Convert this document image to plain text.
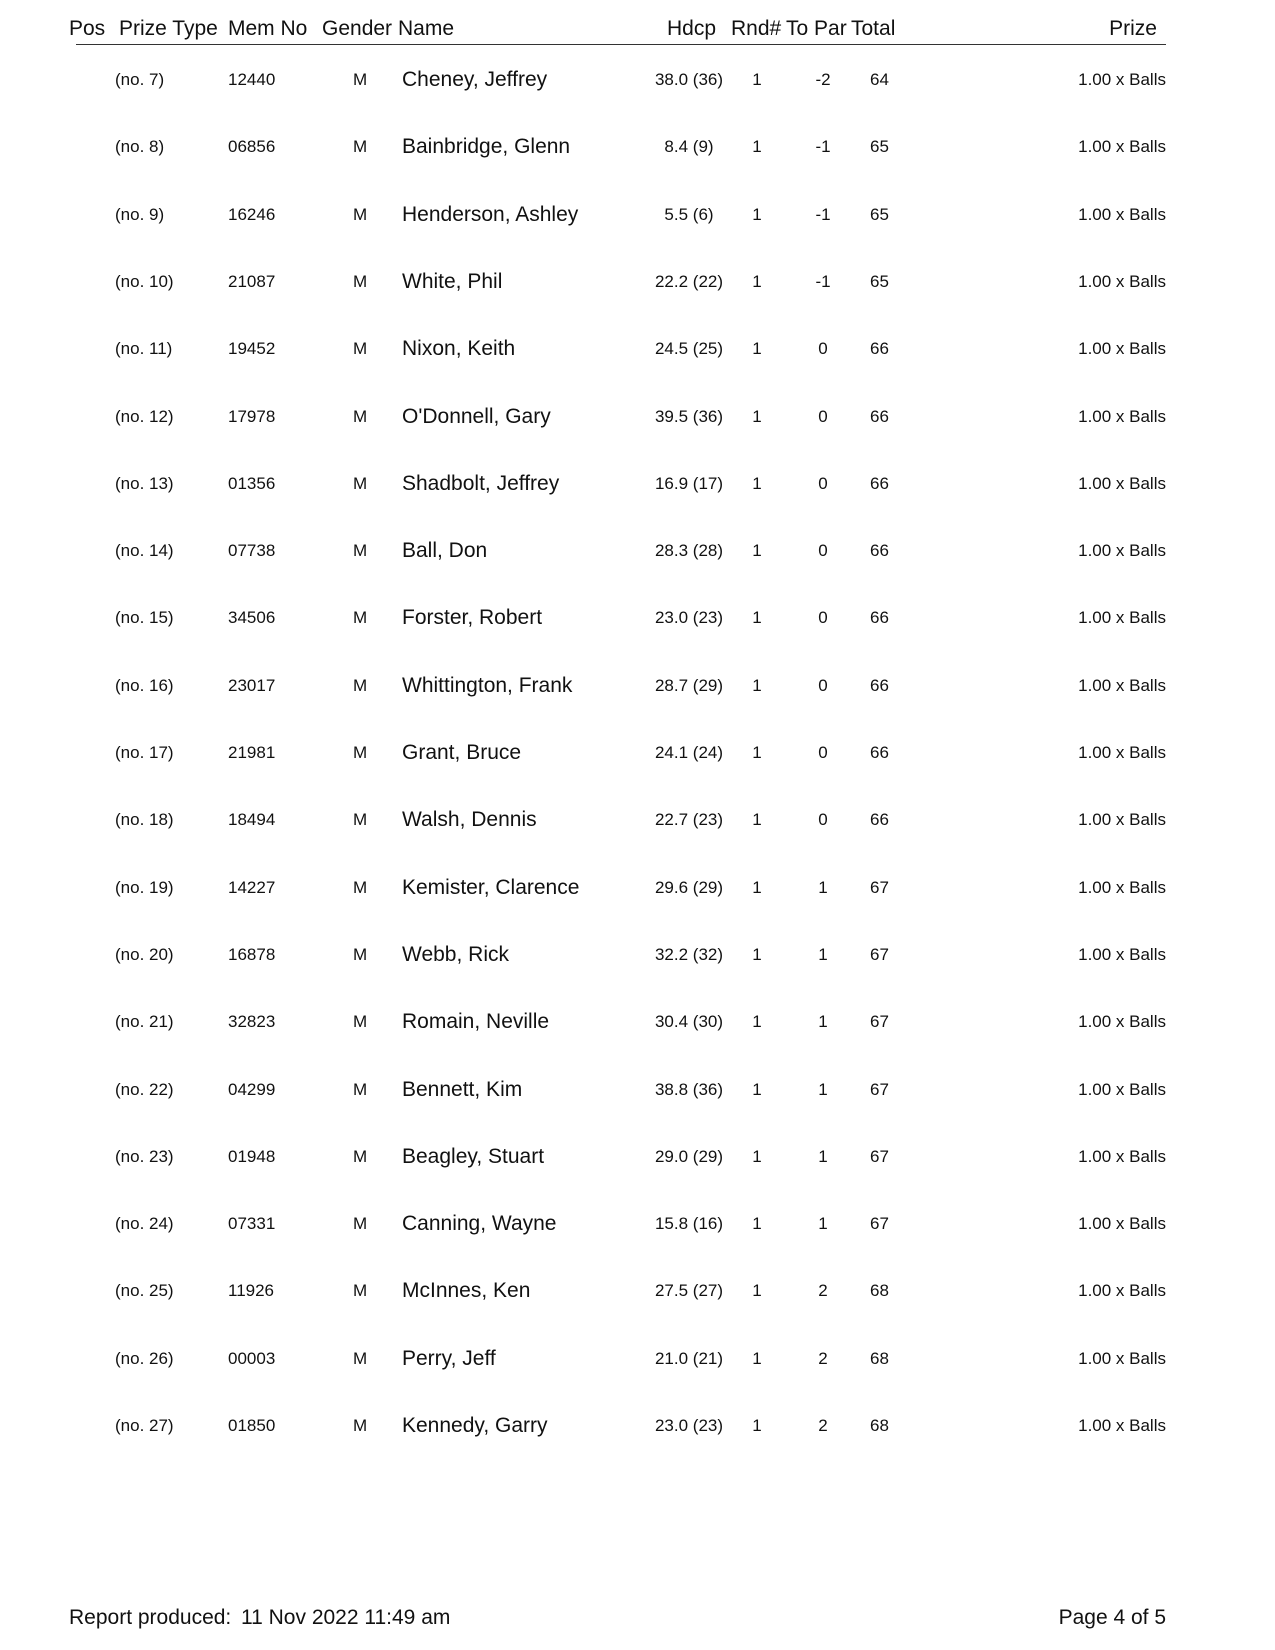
Pos Prize Type Mem No Gender Name	Hdcp Rnd# To Par Total	Prize
(no. 7)	12440	M Cheney, Jeffrey	38.0 (36)	1	-2	64	1.00 x Balls
(no. 8)	06856	M Bainbridge, Glenn	8.4 (9)	1	-1	65	1.00 x Balls
(no. 9)	16246	M Henderson, Ashley	5.5 (6)	1	-1	65	1.00 x Balls
(no. 10)	21087	M White, Phil	22.2 (22)	1	-1	65	1.00 x Balls
(no. 11)	19452	M Nixon, Keith	24.5 (25)	1	0	66	1.00 x Balls
(no. 12)	17978	M O'Donnell, Gary	39.5 (36)	1	0	66	1.00 x Balls
(no. 13)	01356	M Shadbolt, Jeffrey	16.9 (17)	1	0	66	1.00 x Balls
(no. 14)	07738	M Ball, Don	28.3 (28)	1	0	66	1.00 x Balls
(no. 15)	34506	M Forster, Robert	23.0 (23)	1	0	66	1.00 x Balls
(no. 16)	23017	M Whittington, Frank	28.7 (29)	1	0	66	1.00 x Balls
(no. 17)	21981	M Grant, Bruce	24.1 (24)	1	0	66	1.00 x Balls
(no. 18)	18494	M Walsh, Dennis	22.7 (23)	1	0	66	1.00 x Balls
(no. 19)	14227	M Kemister, Clarence	29.6 (29)	1	1	67	1.00 x Balls
(no. 20)	16878	M Webb, Rick	32.2 (32)	1	1	67	1.00 x Balls
(no. 21)	32823	M Romain, Neville	30.4 (30)	1	1	67	1.00 x Balls
(no. 22)	04299	M Bennett, Kim	38.8 (36)	1	1	67	1.00 x Balls
(no. 23)	01948	M Beagley, Stuart	29.0 (29)	1	1	67	1.00 x Balls
(no. 24)	07331	M Canning, Wayne	15.8 (16)	1	1	67	1.00 x Balls
(no. 25)	11926	M McInnes, Ken	27.5 (27)	1	2	68	1.00 x Balls
(no. 26)	00003	M Perry, Jeff	21.0 (21)	1	2	68	1.00 x Balls
(no. 27)	01850	M Kennedy, Garry	23.0 (23)	1	2	68	1.00 x Balls
Report produced: 11 Nov 2022 11:49 am	Page 4 of 5
